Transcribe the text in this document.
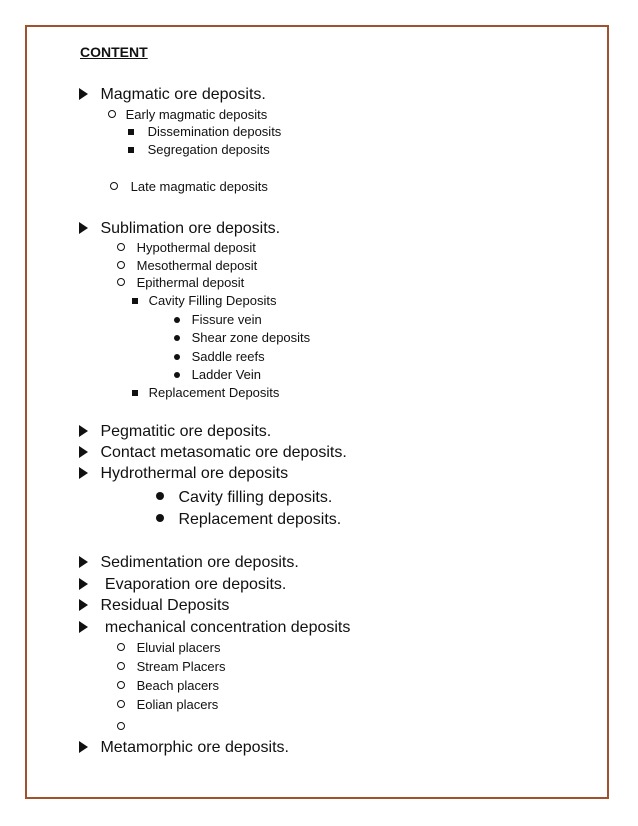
CONTENT
Magmatic ore deposits.
Early magmatic deposits
Dissemination deposits
Segregation deposits
Late magmatic deposits
Sublimation ore deposits.
Hypothermal deposit
Mesothermal deposit
Epithermal deposit
Cavity Filling Deposits
Fissure vein
Shear zone deposits
Saddle reefs
Ladder Vein
Replacement Deposits
Pegmatitic ore deposits.
Contact metasomatic ore deposits.
Hydrothermal ore deposits
Cavity filling deposits.
Replacement deposits.
Sedimentation ore deposits.
Evaporation ore deposits.
Residual Deposits
mechanical concentration deposits
Eluvial placers
Stream Placers
Beach placers
Eolian placers
Metamorphic ore deposits.
